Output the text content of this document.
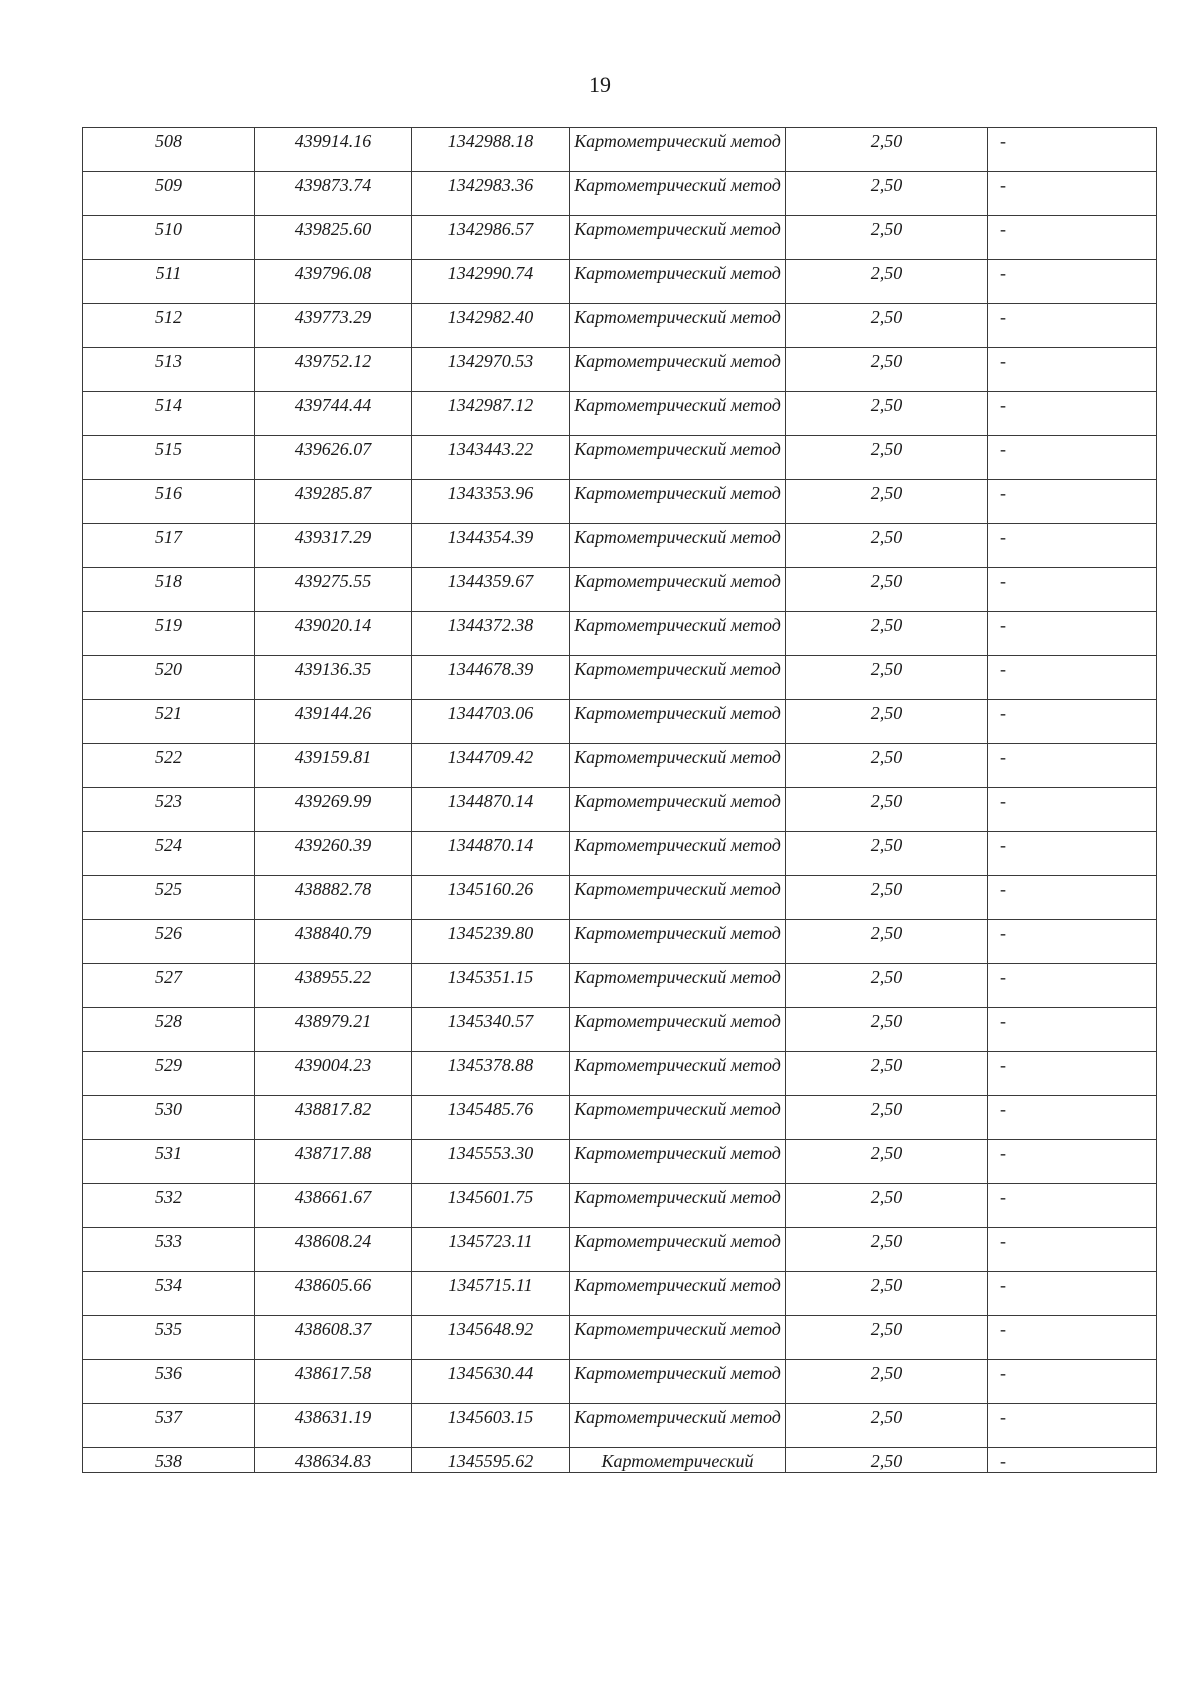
19
508	439914.16	1342988.18	Картометрический метод	2,50	-
509	439873.74	1342983.36	Картометрический метод	2,50	-
510	439825.60	1342986.57	Картометрический метод	2,50	-
511	439796.08	1342990.74	Картометрический метод	2,50	-
512	439773.29	1342982.40	Картометрический метод	2,50	-
513	439752.12	1342970.53	Картометрический метод	2,50	-
514	439744.44	1342987.12	Картометрический метод	2,50	-
515	439626.07	1343443.22	Картометрический метод	2,50	-
516	439285.87	1343353.96	Картометрический метод	2,50	-
517	439317.29	1344354.39	Картометрический метод	2,50	-
518	439275.55	1344359.67	Картометрический метод	2,50	-
519	439020.14	1344372.38	Картометрический метод	2,50	-
520	439136.35	1344678.39	Картометрический метод	2,50	-
521	439144.26	1344703.06	Картометрический метод	2,50	-
522	439159.81	1344709.42	Картометрический метод	2,50	-
523	439269.99	1344870.14	Картометрический метод	2,50	-
524	439260.39	1344870.14	Картометрический метод	2,50	-
525	438882.78	1345160.26	Картометрический метод	2,50	-
526	438840.79	1345239.80	Картометрический метод	2,50	-
527	438955.22	1345351.15	Картометрический метод	2,50	-
528	438979.21	1345340.57	Картометрический метод	2,50	-
529	439004.23	1345378.88	Картометрический метод	2,50	-
530	438817.82	1345485.76	Картометрический метод	2,50	-
531	438717.88	1345553.30	Картометрический метод	2,50	-
532	438661.67	1345601.75	Картометрический метод	2,50	-
533	438608.24	1345723.11	Картометрический метод	2,50	-
534	438605.66	1345715.11	Картометрический метод	2,50	-
535	438608.37	1345648.92	Картометрический метод	2,50	-
536	438617.58	1345630.44	Картометрический метод	2,50	-
537	438631.19	1345603.15	Картометрический метод	2,50	-
538	438634.83	1345595.62	Картометрический	2,50	-
